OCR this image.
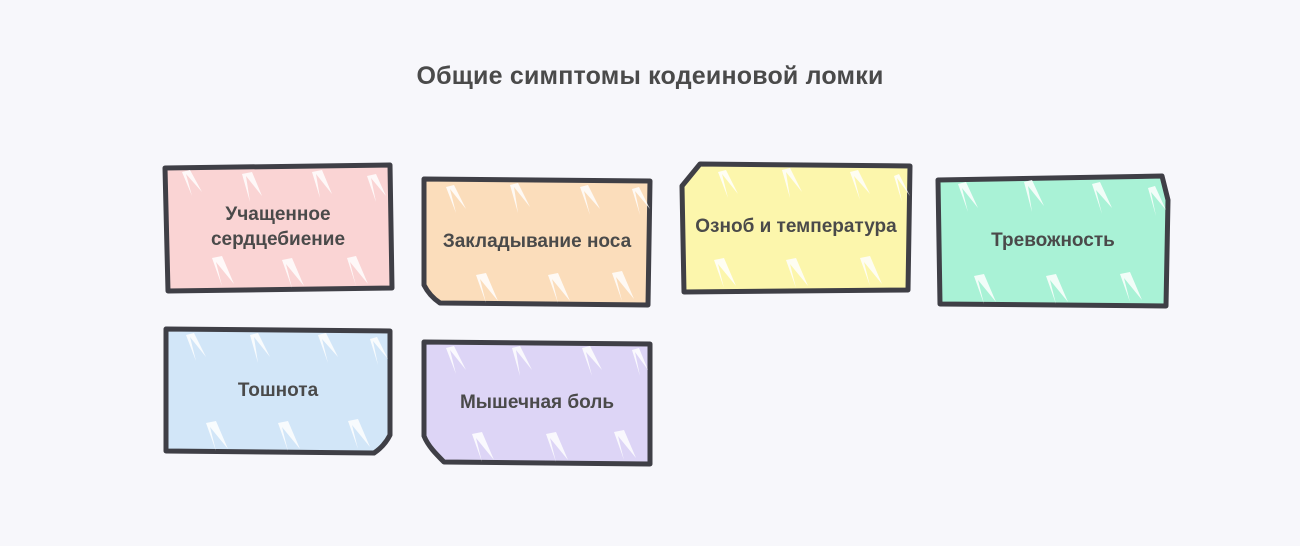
Общие симптомы кодеиновой ломки
Учащенное сердцебиение	Закладывание носа
Озноб и температура
Тревожность
Тошнота
Мышечная боль
